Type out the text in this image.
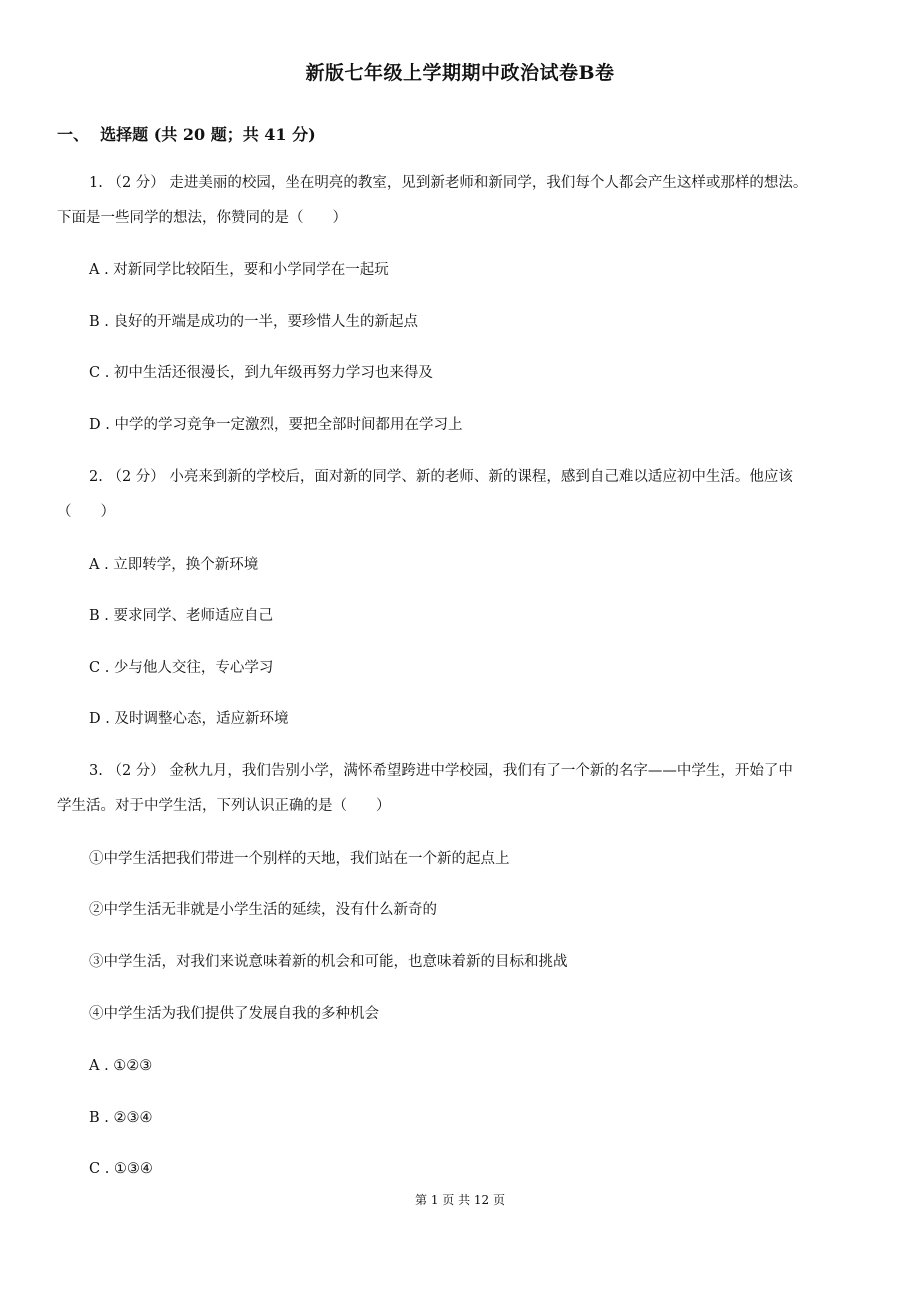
新版七年级上学期期中政治试卷B卷
一、  选择题 (共 20 题；共 41 分)
1. （2 分） 走进美丽的校园，坐在明亮的教室，见到新老师和新同学，我们每个人都会产生这样或那样的想法。
下面是一些同学的想法，你赞同的是（　　）
A . 对新同学比较陌生，要和小学同学在一起玩
B . 良好的开端是成功的一半，要珍惜人生的新起点
C . 初中生活还很漫长，到九年级再努力学习也来得及
D . 中学的学习竞争一定激烈，要把全部时间都用在学习上
2. （2 分） 小亮来到新的学校后，面对新的同学、新的老师、新的课程，感到自己难以适应初中生活。他应该
（　　）
A . 立即转学，换个新环境
B . 要求同学、老师适应自己
C . 少与他人交往，专心学习
D . 及时调整心态，适应新环境
3. （2 分） 金秋九月，我们告别小学，满怀希望跨进中学校园，我们有了一个新的名字——中学生，开始了中
学生活。对于中学生活，下列认识正确的是（　　）
①中学生活把我们带进一个别样的天地，我们站在一个新的起点上
②中学生活无非就是小学生活的延续，没有什么新奇的
③中学生活，对我们来说意味着新的机会和可能，也意味着新的目标和挑战
④中学生活为我们提供了发展自我的多种机会
A . ①②③
B . ②③④
C . ①③④
第 1 页 共 12 页
